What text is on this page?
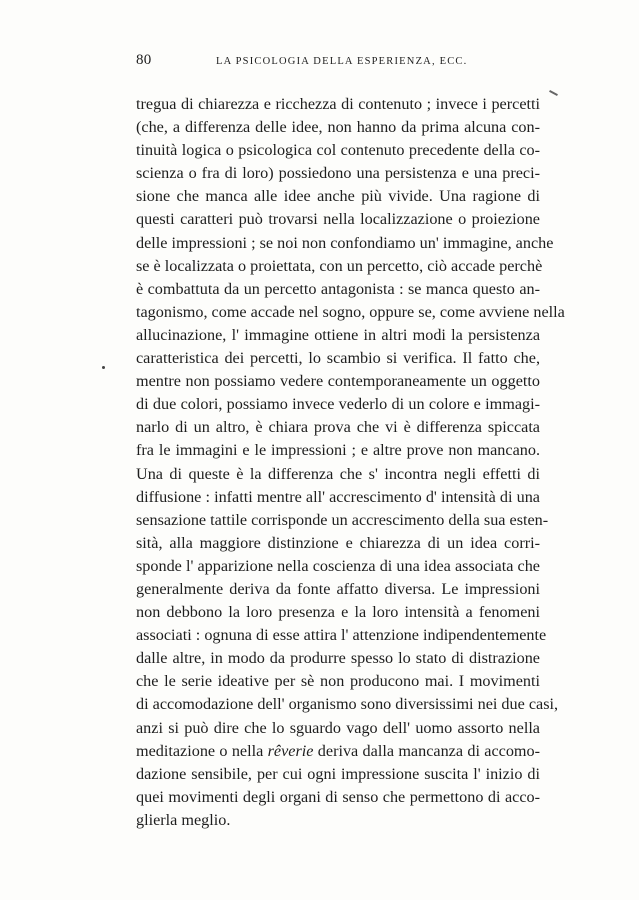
80	LA PSICOLOGIA DELLA ESPERIENZA, ECC.
tregua di chiarezza e ricchezza di contenuto ; invece i percetti
(che, a differenza delle idee, non hanno da prima alcuna con-
tinuità logica o psicologica col contenuto precedente della co-
scienza o fra di loro) possiedono una persistenza e una preci-
sione che manca alle idee anche più vivide. Una ragione di
questi caratteri può trovarsi nella localizzazione o proiezione
delle impressioni ; se noi non confondiamo un' immagine, anche
se è localizzata o proiettata, con un percetto, ciò accade perchè
è combattuta da un percetto antagonista : se manca questo an-
tagonismo, come accade nel sogno, oppure se, come avviene nella
allucinazione, l' immagine ottiene in altri modi la persistenza
caratteristica dei percetti, lo scambio si verifica. Il fatto che,
mentre non possiamo vedere contemporaneamente un oggetto
di due colori, possiamo invece vederlo di un colore e immagi-
narlo di un altro, è chiara prova che vi è differenza spiccata
fra le immagini e le impressioni ; e altre prove non mancano.
Una di queste è la differenza che s' incontra negli effetti di
diffusione : infatti mentre all' accrescimento d' intensità di una
sensazione tattile corrisponde un accrescimento della sua esten-
sità, alla maggiore distinzione e chiarezza di un idea corri-
sponde l' apparizione nella coscienza di una idea associata che
generalmente deriva da fonte affatto diversa. Le impressioni
non debbono la loro presenza e la loro intensità a fenomeni
associati : ognuna di esse attira l' attenzione indipendentemente
dalle altre, in modo da produrre spesso lo stato di distrazione
che le serie ideative per sè non producono mai. I movimenti
di accomodazione dell' organismo sono diversissimi nei due casi,
anzi si può dire che lo sguardo vago dell' uomo assorto nella
meditazione o nella rêverie deriva dalla mancanza di accomo-
dazione sensibile, per cui ogni impressione suscita l' inizio di
quei movimenti degli organi di senso che permettono di acco-
glierla meglio.
